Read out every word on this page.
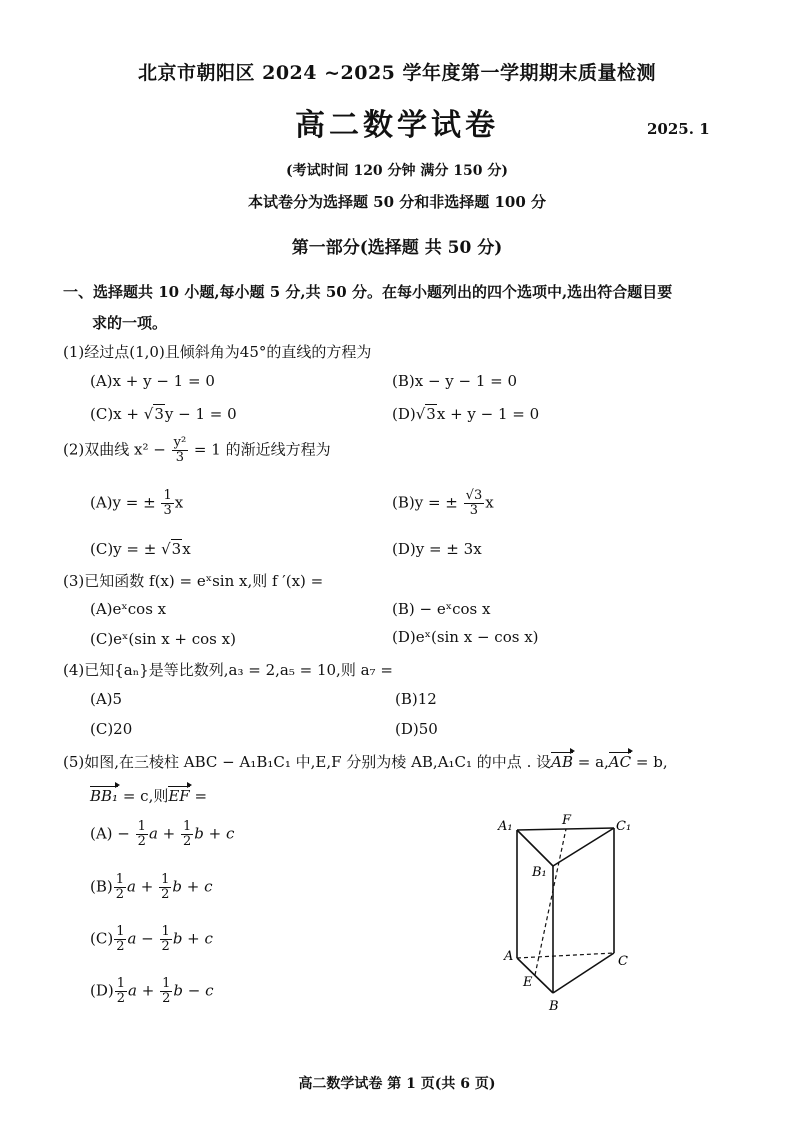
北京市朝阳区 2024 ~2025 学年度第一学期期末质量检测
高二数学试卷	2025. 1
(考试时间 120 分钟 满分 150 分)
本试卷分为选择题 50 分和非选择题 100 分
第一部分(选择题 共 50 分)
一、选择题共 10 小题,每小题 5 分,共 50 分。在每小题列出的四个选项中,选出符合题目要
求的一项。
(1)经过点(1,0)且倾斜角为45°的直线的方程为
(A)x + y − 1 = 0	(B)x − y − 1 = 0
(C)x + √3y − 1 = 0	(D)√3x + y − 1 = 0
(2)双曲线 $x^2 - \frac{\text{y²}}{3} = 1$ 的渐近线方程为
(A)y = ± $\frac{1}{3}$ x	(B)y = ± $\frac{√3}{3}$ x
(C)y = ± √3x	(D)y = ± 3x
(3)已知函数 f(x) = eˣsin x,则 f ′(x) =
(A)eˣcos x	(B) − eˣcos x
(C)eˣ(sin x + cos x)	(D)eˣ(sin x − cos x)
(4)已知{aₙ}是等比数列,a₃ = 2,a₅ = 10,则 a₇ =
(A)5	(B)12
(C)20	(D)50
(5)如图,在三棱柱 ABC − A₁B₁C₁ 中,E,F 分别为棱 AB,A₁C₁ 的中点 . 设AB = a,AC = b,
BB₁ = c,则EF =
$(A) - \frac{1}{2}$ $a + \frac{1}{2}$ b + c
$(B) \frac{1}{2}$ $a + \frac{1}{2}$ b + c
$(C) \frac{1}{2}$ $a - \frac{1}{2}$ b + c
$(D) \frac{1}{2}$ $a + \frac{1}{2}$ b − c
A₁	F	C₁
B₁
A	C
E
B
高二数学试卷 第 1 页(共 6 页)
